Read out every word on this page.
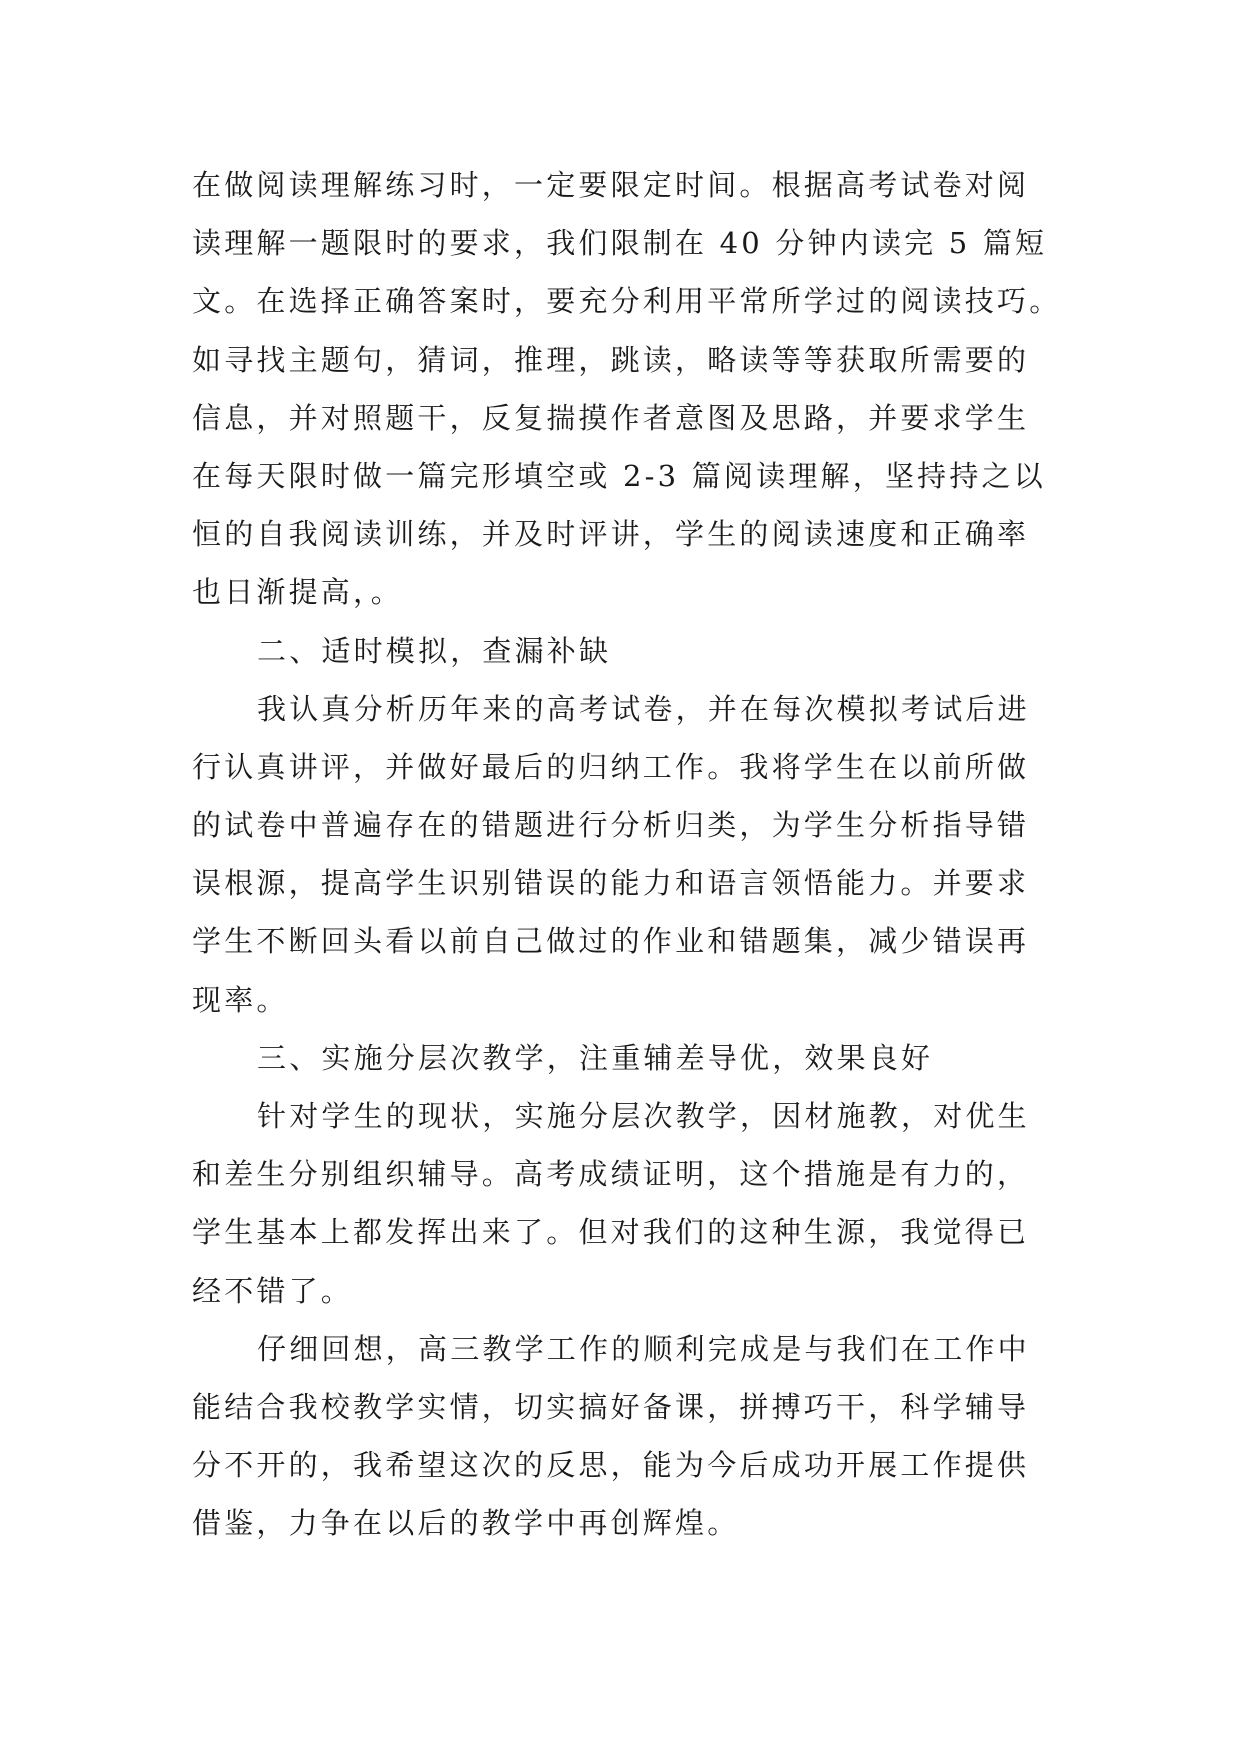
在做阅读理解练习时，一定要限定时间。根据高考试卷对阅
读理解一题限时的要求，我们限制在 40 分钟内读完 5 篇短
文。在选择正确答案时，要充分利用平常所学过的阅读技巧。
如寻找主题句，猜词，推理，跳读，略读等等获取所需要的
信息，并对照题干，反复揣摸作者意图及思路，并要求学生
在每天限时做一篇完形填空或 2-3 篇阅读理解，坚持持之以
恒的自我阅读训练，并及时评讲，学生的阅读速度和正确率
也日渐提高，。
二、适时模拟，查漏补缺
我认真分析历年来的高考试卷，并在每次模拟考试后进
行认真讲评，并做好最后的归纳工作。我将学生在以前所做
的试卷中普遍存在的错题进行分析归类，为学生分析指导错
误根源，提高学生识别错误的能力和语言领悟能力。并要求
学生不断回头看以前自己做过的作业和错题集，减少错误再
现率。
三、实施分层次教学，注重辅差导优，效果良好
针对学生的现状，实施分层次教学，因材施教，对优生
和差生分别组织辅导。高考成绩证明，这个措施是有力的，
学生基本上都发挥出来了。但对我们的这种生源，我觉得已
经不错了。
仔细回想，高三教学工作的顺利完成是与我们在工作中
能结合我校教学实情，切实搞好备课，拼搏巧干，科学辅导
分不开的，我希望这次的反思，能为今后成功开展工作提供
借鉴，力争在以后的教学中再创辉煌。
